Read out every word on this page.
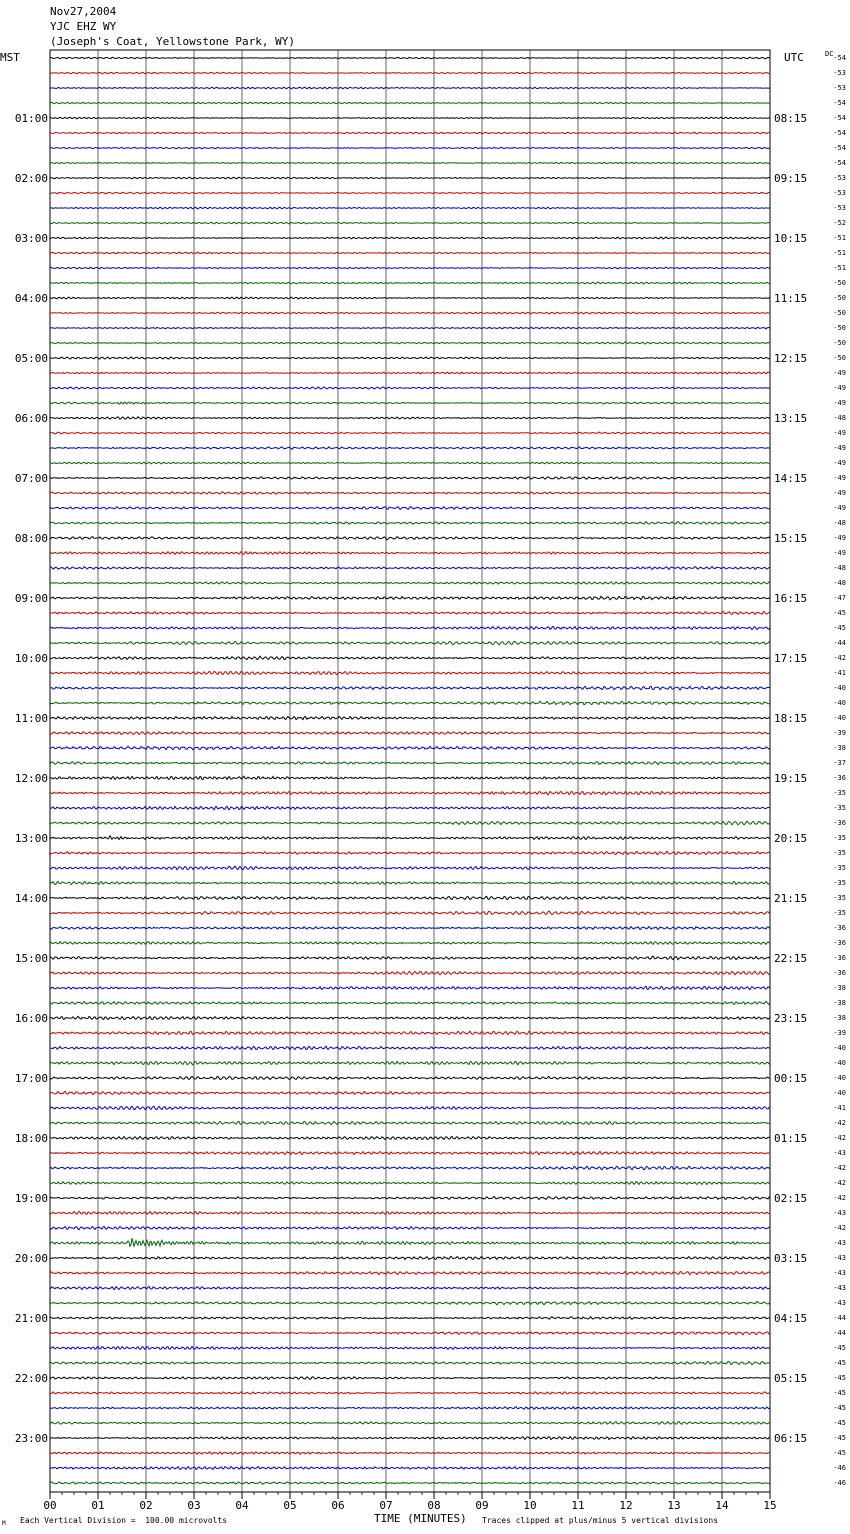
Nov27,2004
YJC EHZ WY
(Joseph's Coat, Yellowstone Park, WY)
MST	UTC	DC
00	01	02	03	04	05	06	07	08	09	10	11	12	13	14	15
-54
-53
-53
-54
-54
-54
-54
-54
-53
-53
-53
-52
-51
-51
-51
-50
-50
-50
-50
-50
-50
-49
-49
-49
-48
-49
-49
-49
-49
-49
-49
-48
-49
-49
-48
-48
-47
-45
-45
-44
-42
-41
-40
-40
-40
-39
-38
-37
-36
-35
-35
-36
-35
-35
-35
-35
-35
-35
-36
-36
-36
-36
-38
-38
-38
-39
-40
-40
-40
-40
-41
-42
-42
-43
-42
-42
-42
-43
-42
-43
-43
-43
-43
-43
-44
-44
-45
-45
-45
-45
-45
-45
-45
-45
-46
-46
01:00
02:00
03:00
04:00
05:00
06:00
07:00
08:00
09:00
10:00
11:00
12:00
13:00
14:00
15:00
16:00
17:00
18:00
19:00
20:00
21:00
22:00
23:00
08:15
09:15
10:15
11:15
12:15
13:15
14:15
15:15
16:15
17:15
18:15
19:15
20:15
21:15
22:15
23:15
00:15
01:15
02:15
03:15
04:15
05:15
06:15
M Each Vertical Division =  100.00 microvolts	TIME (MINUTES) Traces clipped at plus/minus 5 vertical divisions
